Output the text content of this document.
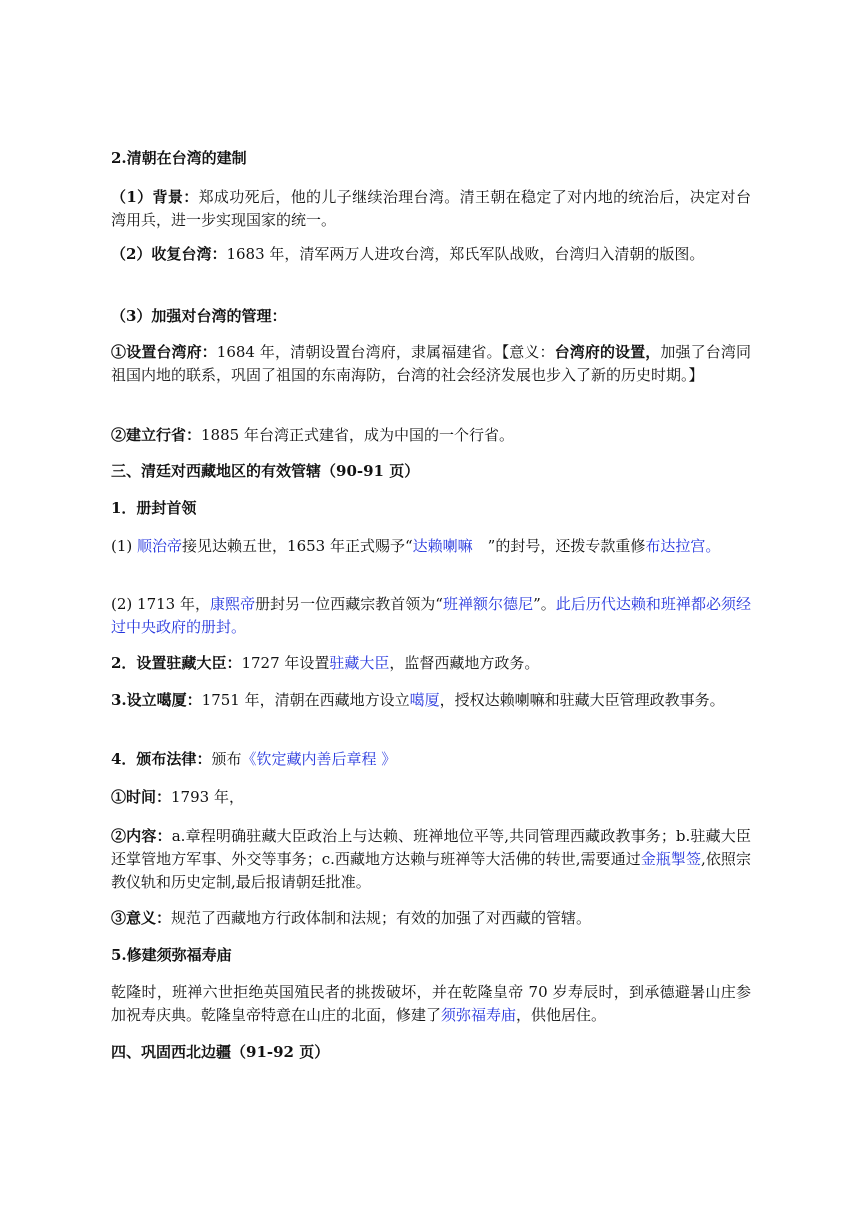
2.清朝在台湾的建制

（1）背景：郑成功死后，他的儿子继续治理台湾。清王朝在稳定了对内地的统治后，决定对台湾用兵，进一步实现国家的统一。

（2）收复台湾：1683 年，清军两万人进攻台湾，郑氏军队战败，台湾归入清朝的版图。

（3）加强对台湾的管理：

①设置台湾府：1684 年，清朝设置台湾府，隶属福建省。【意义：台湾府的设置，加强了台湾同祖国内地的联系，巩固了祖国的东南海防，台湾的社会经济发展也步入了新的历史时期。】

②建立行省：1885 年台湾正式建省，成为中国的一个行省。

三、清廷对西藏地区的有效管辖（90-91 页）

1．册封首领

(1) 顺治帝接见达赖五世，1653 年正式赐予“达赖喇嘛　”的封号，还拨专款重修布达拉宫。

(2) 1713 年，康熙帝册封另一位西藏宗教首领为“班禅额尔德尼”。此后历代达赖和班禅都必须经过中央政府的册封。

2．设置驻藏大臣：1727 年设置驻藏大臣，监督西藏地方政务。

3.设立噶厦：1751 年，清朝在西藏地方设立噶厦，授权达赖喇嘛和驻藏大臣管理政教事务。

4．颁布法律：颁布《钦定藏内善后章程 》

①时间：1793 年，

②内容：a.章程明确驻藏大臣政治上与达赖、班禅地位平等,共同管理西藏政教事务；b.驻藏大臣还掌管地方军事、外交等事务；c.西藏地方达赖与班禅等大活佛的转世,需要通过金瓶掣签,依照宗教仪轨和历史定制,最后报请朝廷批准。

③意义：规范了西藏地方行政体制和法规；有效的加强了对西藏的管辖。

5.修建须弥福寿庙

乾隆时，班禅六世拒绝英国殖民者的挑拨破坏，并在乾隆皇帝 70 岁寿辰时，到承德避暑山庄参加祝寿庆典。乾隆皇帝特意在山庄的北面，修建了须弥福寿庙，供他居住。

四、巩固西北边疆（91-92 页）
